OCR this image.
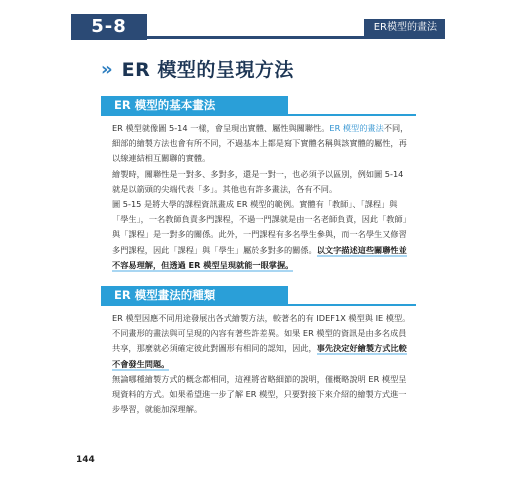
5-8	ER模型的畫法
» ER 模型的呈現方法
ER 模型的基本畫法
ER 模型就像圖 5-14 一樣，會呈現出實體、屬性與關聯性。ER 模型的畫法不同，
細部的繪製方法也會有所不同，不過基本上都是寫下實體名稱與該實體的屬性，再
以線連結相互關聯的實體。
繪製時，關聯性是一對多、多對多，還是一對一，也必須予以區別，例如圖 5-14
就是以箭頭的尖端代表「多」。其他也有許多畫法，各有不同。
圖 5-15 是將大學的課程資訊畫成 ER 模型的範例。實體有「教師」、「課程」與
「學生」，一名教師負責多門課程，不過一門課就是由一名老師負責，因此「教師」
與「課程」是一對多的關係。此外，一門課程有多名學生參與，而一名學生又修習
多門課程，因此「課程」與「學生」屬於多對多的關係。以文字描述這些關聯性並
不容易理解，但透過 ER 模型呈現就能一眼掌握。
ER 模型畫法的種類
ER 模型因應不同用途發展出各式繪製方法，較著名的有 IDEF1X 模型與 IE 模型。
不同畫形的畫法與可呈現的內容有著些許差異。如果 ER 模型的資訊是由多名成員
共享，那麼就必須確定彼此對圖形有相同的認知，因此，事先決定好繪製方式比較
不會發生問題。
無論哪種繪製方式的概念都相同，這裡將省略細節的說明，僅概略說明 ER 模型呈
現資料的方式。如果希望進一步了解 ER 模型，只要對接下來介紹的繪製方式進一
步學習，就能加深理解。
144
